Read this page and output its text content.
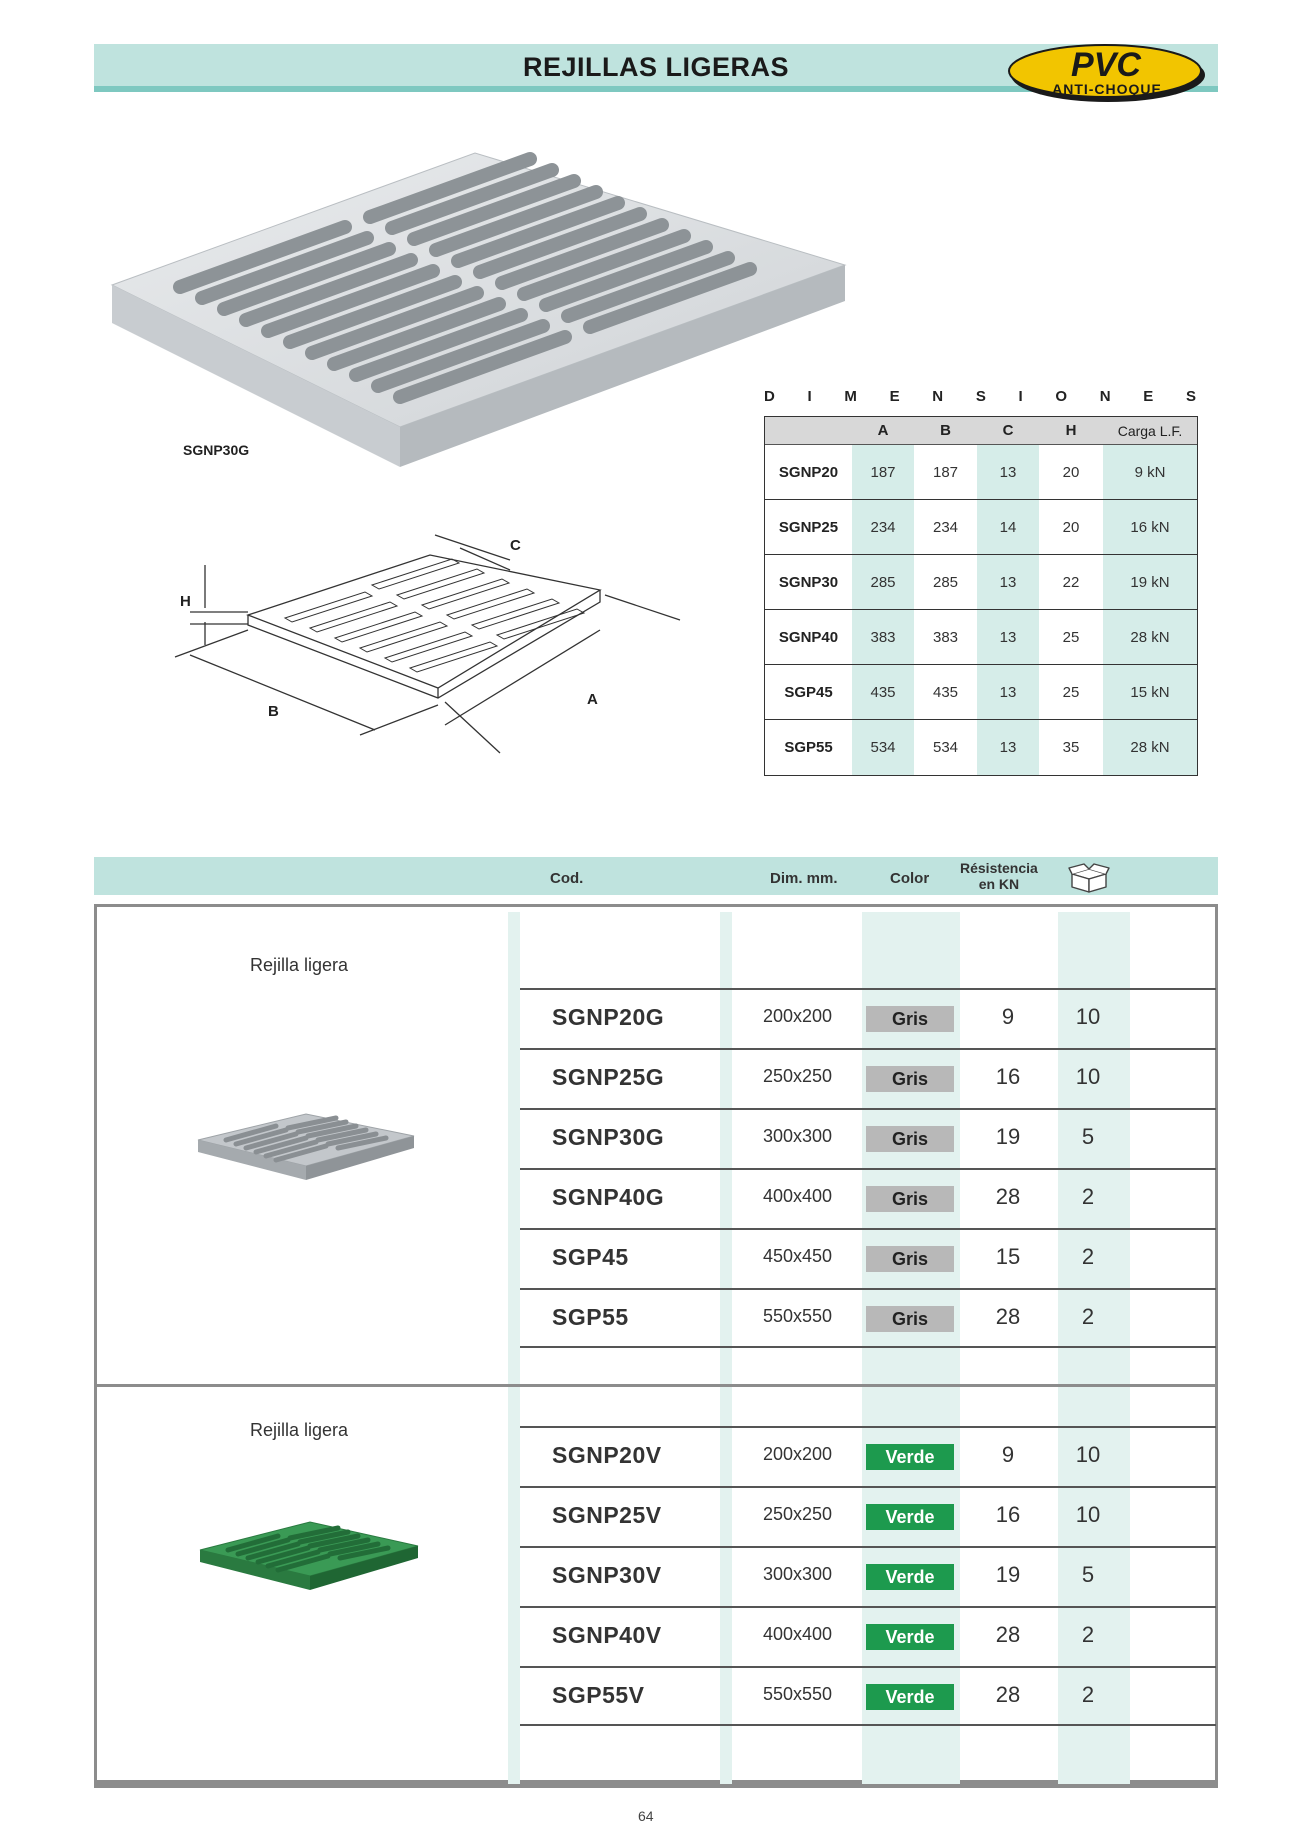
REJILLAS LIGERAS	PVC
ANTI-CHOQUE
SGNP30G
H
C
B
A
D I M E N S I O N E S
A	B	C	H	Carga L.F.
SGNP20	187	187	13	20	9 kN
SGNP25	234	234	14	20	16 kN
SGNP30	285	285	13	22	19 kN
SGNP40	383	383	13	25	28 kN
SGP45	435	435	13	25	15 kN
SGP55	534	534	13	35	28 kN
Cod.	Dim. mm.	Color
Résistencia
en KN
Rejilla ligera
SGNP20G	200x200	Gris	9	10
SGNP25G	250x250	Gris	16	10
SGNP30G	300x300	Gris	19	5
SGNP40G	400x400	Gris	28	2
SGP45	450x450	Gris	15	2
SGP55	550x550	Gris	28	2
Rejilla ligera
SGNP20V	200x200	Verde	9	10
SGNP25V	250x250	Verde	16	10
SGNP30V	300x300	Verde	19	5
SGNP40V	400x400	Verde	28	2
SGP55V	550x550	Verde	28	2
64
